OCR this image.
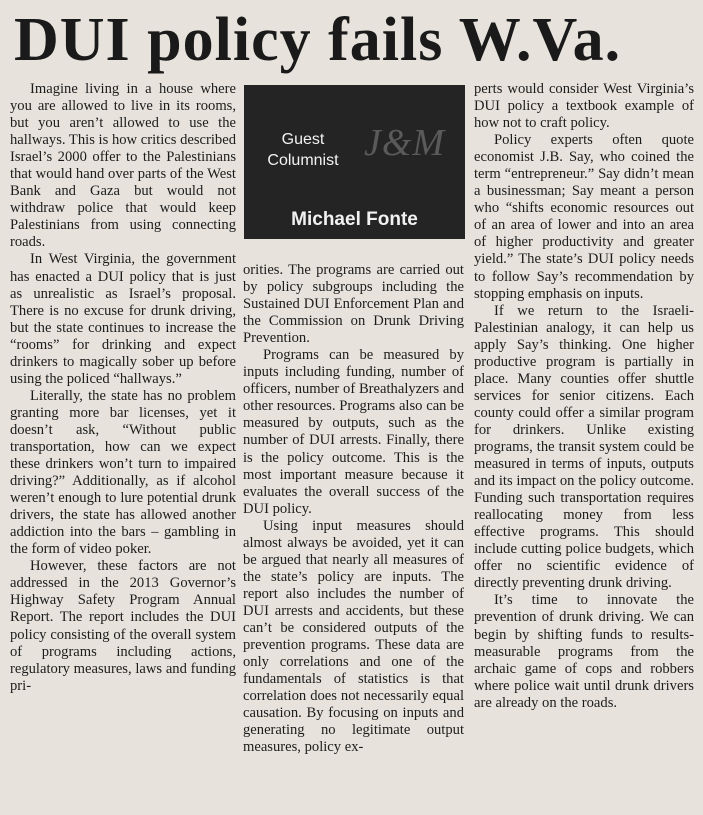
DUI policy fails W.Va.
Guest Columnist J&M
Michael Fonte

Imagine living in a house where you are allowed to live in its rooms, but you aren’t allowed to use the hallways. This is how critics described Israel’s 2000 offer to the Palestinians that would hand over parts of the West Bank and Gaza but would not withdraw police that would keep Palestinians from using connecting roads.

In West Virginia, the government has enacted a DUI policy that is just as unrealistic as Israel’s proposal. There is no excuse for drunk driving, but the state continues to increase the “rooms” for drinking and expect drinkers to magically sober up before using the policed “hallways.”

Literally, the state has no problem granting more bar licenses, yet it doesn’t ask, “Without public transportation, how can we expect these drinkers won’t turn to impaired driving?” Additionally, as if alcohol weren’t enough to lure potential drunk drivers, the state has allowed another addiction into the bars – gambling in the form of video poker.

However, these factors are not addressed in the 2013 Governor’s Highway Safety Program Annual Report. The report includes the DUI policy consisting of the overall system of programs including actions, regulatory measures, laws and funding pri-

orities. The programs are carried out by policy subgroups including the Sustained DUI Enforcement Plan and the Commission on Drunk Driving Prevention.

Programs can be measured by inputs including funding, number of officers, number of Breathalyzers and other resources. Programs also can be measured by outputs, such as the number of DUI arrests. Finally, there is the policy outcome. This is the most important measure because it evaluates the overall success of the DUI policy.

Using input measures should almost always be avoided, yet it can be argued that nearly all measures of the state’s policy are inputs. The report also includes the number of DUI arrests and accidents, but these can’t be considered outputs of the prevention programs. These data are only correlations and one of the fundamentals of statistics is that correlation does not necessarily equal causation. By focusing on inputs and generating no legitimate output measures, policy ex-

perts would consider West Virginia’s DUI policy a textbook example of how not to craft policy.

Policy experts often quote economist J.B. Say, who coined the term “entrepreneur.” Say didn’t mean a businessman; Say meant a person who “shifts economic resources out of an area of lower and into an area of higher productivity and greater yield.” The state’s DUI policy needs to follow Say’s recommendation by stopping emphasis on inputs.

If we return to the Israeli-Palestinian analogy, it can help us apply Say’s thinking. One higher productive program is partially in place. Many counties offer shuttle services for senior citizens. Each county could offer a similar program for drinkers. Unlike existing programs, the transit system could be measured in terms of inputs, outputs and its impact on the policy outcome. Funding such transportation requires reallocating money from less effective programs. This should include cutting police budgets, which offer no scientific evidence of directly preventing drunk driving.

It’s time to innovate the prevention of drunk driving. We can begin by shifting funds to results-measurable programs from the archaic game of cops and robbers where police wait until drunk drivers are already on the roads.
